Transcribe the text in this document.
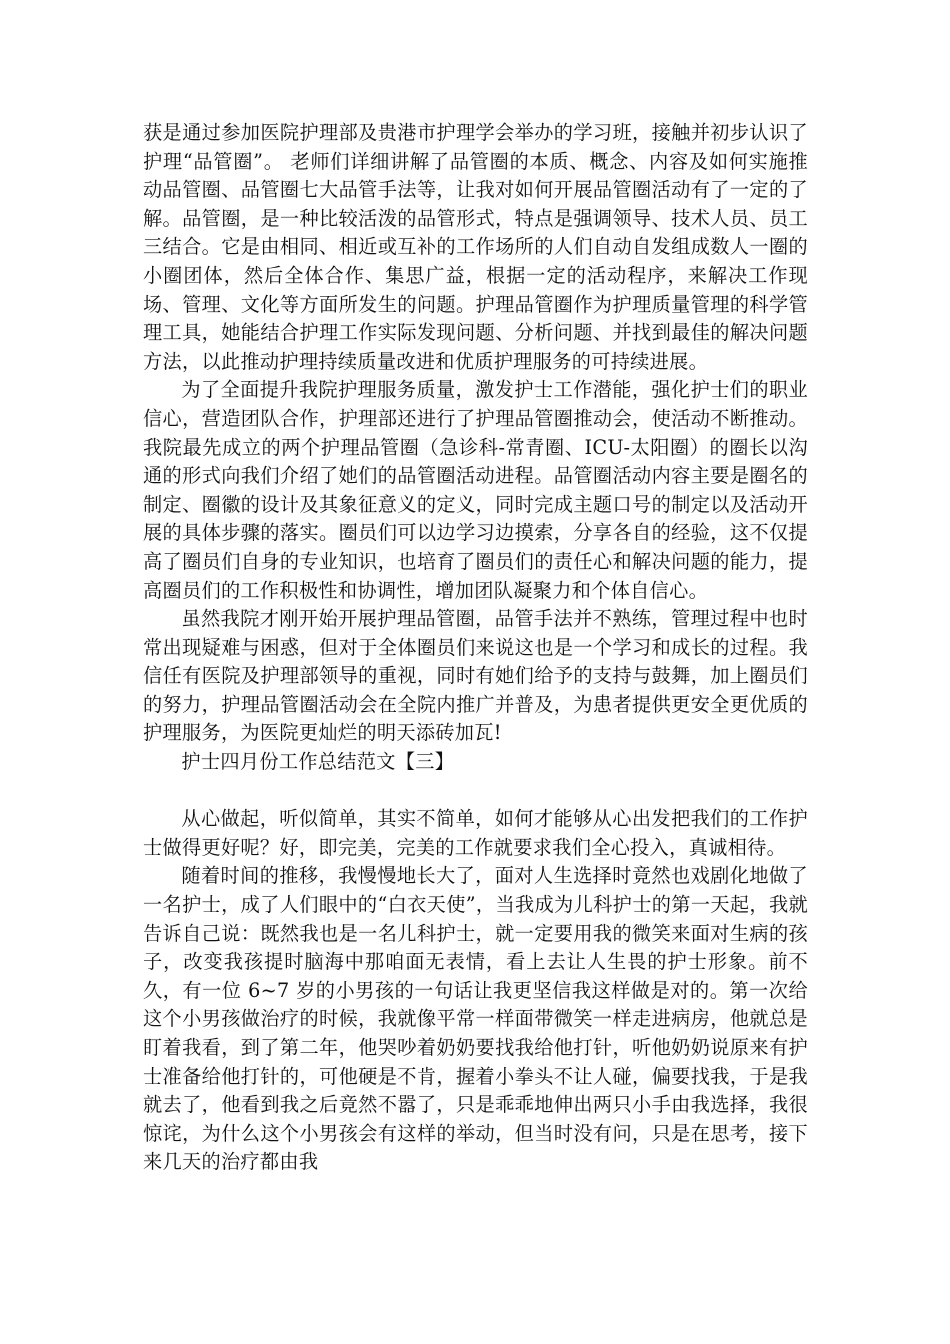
获是通过参加医院护理部及贵港市护理学会举办的学习班，接触并初步认识了护理“品管圈”。 老师们详细讲解了品管圈的本质、概念、内容及如何实施推动品管圈、品管圈七大品管手法等，让我对如何开展品管圈活动有了一定的了解。品管圈，是一种比较活泼的品管形式，特点是强调领导、技术人员、员工三结合。它是由相同、相近或互补的工作场所的人们自动自发组成数人一圈的小圈团体，然后全体合作、集思广益，根据一定的活动程序，来解决工作现场、管理、文化等方面所发生的问题。护理品管圈作为护理质量管理的科学管理工具，她能结合护理工作实际发现问题、分析问题、并找到最佳的解决问题方法，以此推动护理持续质量改进和优质护理服务的可持续进展。

为了全面提升我院护理服务质量，激发护士工作潜能，强化护士们的职业信心，营造团队合作，护理部还进行了护理品管圈推动会，使活动不断推动。我院最先成立的两个护理品管圈（急诊科-常青圈、ICU-太阳圈）的圈长以沟通的形式向我们介绍了她们的品管圈活动进程。品管圈活动内容主要是圈名的制定、圈徽的设计及其象征意义的定义，同时完成主题口号的制定以及活动开展的具体步骤的落实。圈员们可以边学习边摸索，分享各自的经验，这不仅提高了圈员们自身的专业知识，也培育了圈员们的责任心和解决问题的能力，提高圈员们的工作积极性和协调性，增加团队凝聚力和个体自信心。

虽然我院才刚开始开展护理品管圈，品管手法并不熟练，管理过程中也时常出现疑难与困惑，但对于全体圈员们来说这也是一个学习和成长的过程。我信任有医院及护理部领导的重视，同时有她们给予的支持与鼓舞，加上圈员们的努力，护理品管圈活动会在全院内推广并普及，为患者提供更安全更优质的护理服务，为医院更灿烂的明天添砖加瓦!

护士四月份工作总结范文【三】

从心做起，听似简单，其实不简单，如何才能够从心出发把我们的工作护士做得更好呢？好，即完美，完美的工作就要求我们全心投入，真诚相待。

随着时间的推移，我慢慢地长大了，面对人生选择时竟然也戏剧化地做了一名护士，成了人们眼中的“白衣天使”，当我成为儿科护士的第一天起，我就告诉自己说：既然我也是一名儿科护士，就一定要用我的微笑来面对生病的孩子，改变我孩提时脑海中那咱面无表情，看上去让人生畏的护士形象。前不久，有一位 6~7 岁的小男孩的一句话让我更坚信我这样做是对的。第一次给这个小男孩做治疗的时候，我就像平常一样面带微笑一样走进病房，他就总是盯着我看，到了第二年，他哭吵着奶奶要找我给他打针，听他奶奶说原来有护士准备给他打针的，可他硬是不肯，握着小拳头不让人碰，偏要找我，于是我就去了，他看到我之后竟然不嚣了，只是乖乖地伸出两只小手由我选择，我很惊诧，为什么这个小男孩会有这样的举动，但当时没有问，只是在思考，接下来几天的治疗都由我
